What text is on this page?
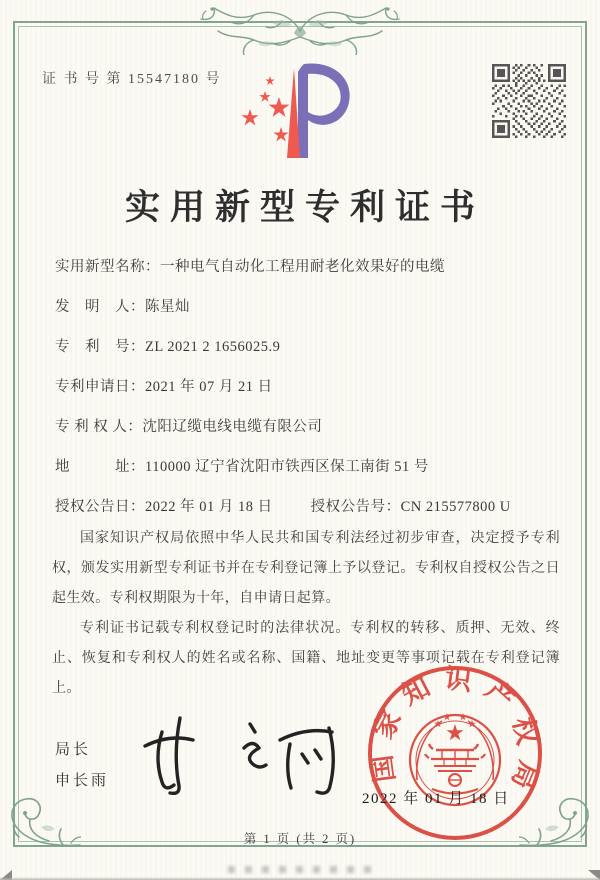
证 书 号 第 15547180 号
实用新型专利证书
实用新型名称：一种电气自动化工程用耐老化效果好的电缆
发　明　人：陈星灿
专　利　号：ZL 2021 2 1656025.9
专利申请日：2021 年 07 月 21 日
专 利 权 人：沈阳辽缆电线电缆有限公司
地　　　址：110000 辽宁省沈阳市铁西区保工南街 51 号
授权公告日：2022 年 01 月 18 日	授权公告号：CN 215577800 U

国家知识产权局依照中华人民共和国专利法经过初步审查，决定授予专利权，颁发实用新型专利证书并在专利登记簿上予以登记。专利权自授权公告之日起生效。专利权期限为十年，自申请日起算。

专利证书记载专利权登记时的法律状况。专利权的转移、质押、无效、终止、恢复和专利权人的姓名或名称、国籍、地址变更等事项记载在专利登记簿上。

局长
申长雨	国家知识产权局
2022 年 01 月 18 日
第 1 页 (共 2 页)
